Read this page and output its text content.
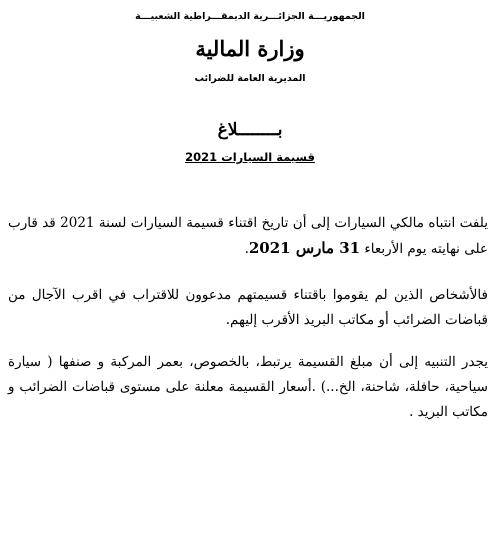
الجمهوريـــة الجزائـــرية الديمقـــراطية الشعبيـــة
وزارة المالية
المديرية العامة للضرائب
بــــــــلاغ
قسيمة السيارات 2021
يلفت انتباه مالكي السيارات إلى أن تاريخ اقتناء قسيمة السيارات لسنة 2021 قد قارب على نهايته يوم الأربعاء 31 مارس 2021.
فالأشخاص الذين لم يقوموا باقتناء قسيمتهم مدعوون للاقتراب في اقرب الآجال من قباضات الضرائب أو مكاتب البريد الأقرب إليهم.
يجدر التنبيه إلى أن مبلغ القسيمة يرتبط، بالخصوص، بعمر المركبة و صنفها ( سيارة سياحية، حافلة، شاحنة، الخ...) .أسعار القسيمة معلنة على مستوى قباضات الضرائب و مكاتب البريد .
